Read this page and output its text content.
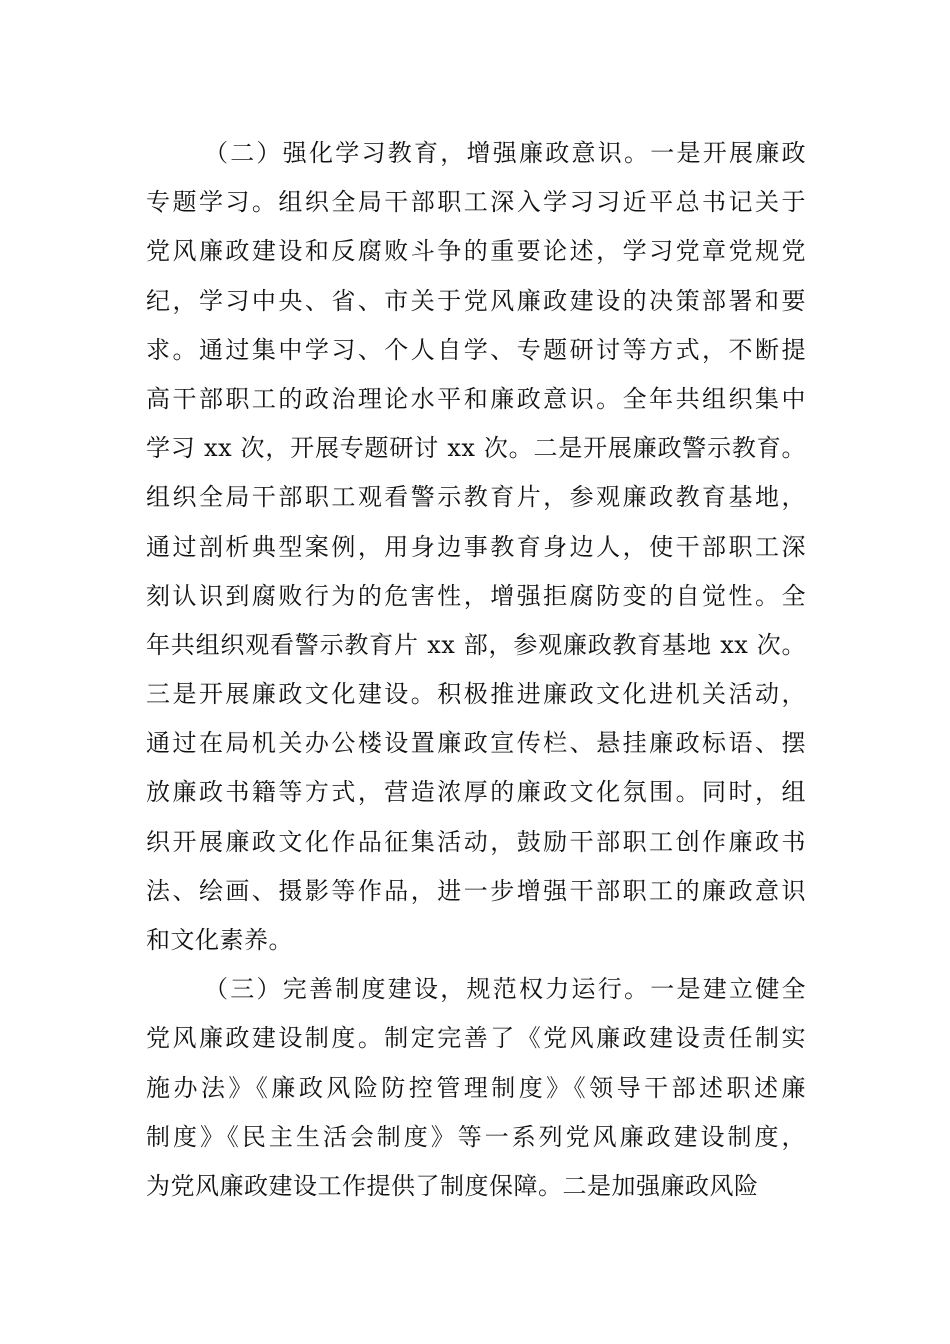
（二）强化学习教育，增强廉政意识。一是开展廉政
专题学习。组织全局干部职工深入学习习近平总书记关于
党风廉政建设和反腐败斗争的重要论述，学习党章党规党
纪，学习中央、省、市关于党风廉政建设的决策部署和要
求。通过集中学习、个人自学、专题研讨等方式，不断提
高干部职工的政治理论水平和廉政意识。全年共组织集中
学习 xx 次，开展专题研讨 xx 次。二是开展廉政警示教育。
组织全局干部职工观看警示教育片，参观廉政教育基地，
通过剖析典型案例，用身边事教育身边人，使干部职工深
刻认识到腐败行为的危害性，增强拒腐防变的自觉性。全
年共组织观看警示教育片 xx 部，参观廉政教育基地 xx 次。
三是开展廉政文化建设。积极推进廉政文化进机关活动，
通过在局机关办公楼设置廉政宣传栏、悬挂廉政标语、摆
放廉政书籍等方式，营造浓厚的廉政文化氛围。同时，组
织开展廉政文化作品征集活动，鼓励干部职工创作廉政书
法、绘画、摄影等作品，进一步增强干部职工的廉政意识
和文化素养。
（三）完善制度建设，规范权力运行。一是建立健全
党风廉政建设制度。制定完善了《党风廉政建设责任制实
施办法》《廉政风险防控管理制度》《领导干部述职述廉
制度》《民主生活会制度》等一系列党风廉政建设制度，
为党风廉政建设工作提供了制度保障。二是加强廉政风险
